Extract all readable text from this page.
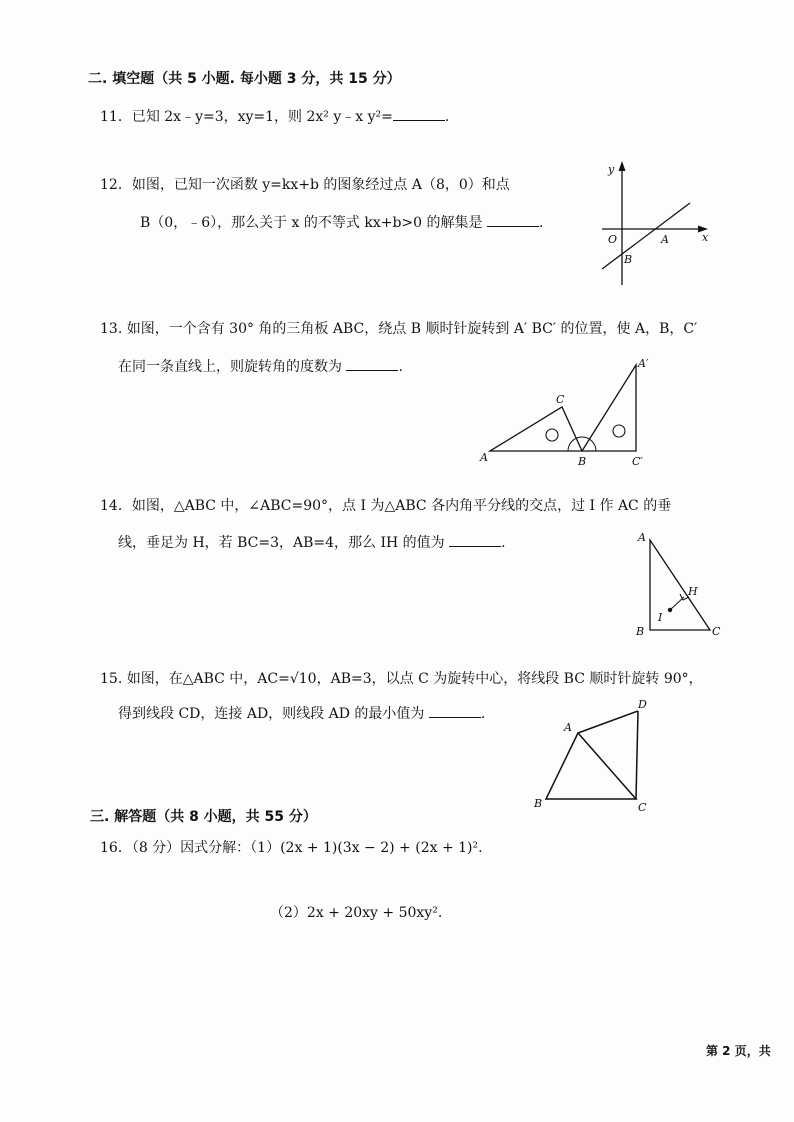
二. 填空题（共 5 小题. 每小题 3 分，共 15 分）
11．已知 2x﹣y=3，xy=1，则 2x² y﹣x y²=	.
12．如图，已知一次函数 y=kx+b 的图象经过点 A（8，0）和点
B（0，﹣6），那么关于 x 的不等式 kx+b>0 的解集是	.
y
x
O	A
B
13. 如图，一个含有 30° 角的三角板 ABC，绕点 B 顺时针旋转到 A′ BC′ 的位置，使 A，B，C′
在同一条直线上，则旋转角的度数为	.
A	B
C
A′
C′
14．如图，△ABC 中，∠ABC=90°，点 I 为△ABC 各内角平分线的交点，过 I 作 AC 的垂
线，垂足为 H，若 BC=3，AB=4，那么 IH 的值为	.	A
B	C
H
I
15. 如图，在△ABC 中，AC=√10，AB=3，以点 C 为旋转中心，将线段 BC 顺时针旋转 90°，
得到线段 CD，连接 AD，则线段 AD 的最小值为	.
A
B	C
D
三. 解答题（共 8 小题，共 55 分）
16．（8 分）因式分解：（1）(2x + 1)(3x − 2) + (2x + 1)².
（2）2x + 20xy + 50xy².
第 2 页，共
